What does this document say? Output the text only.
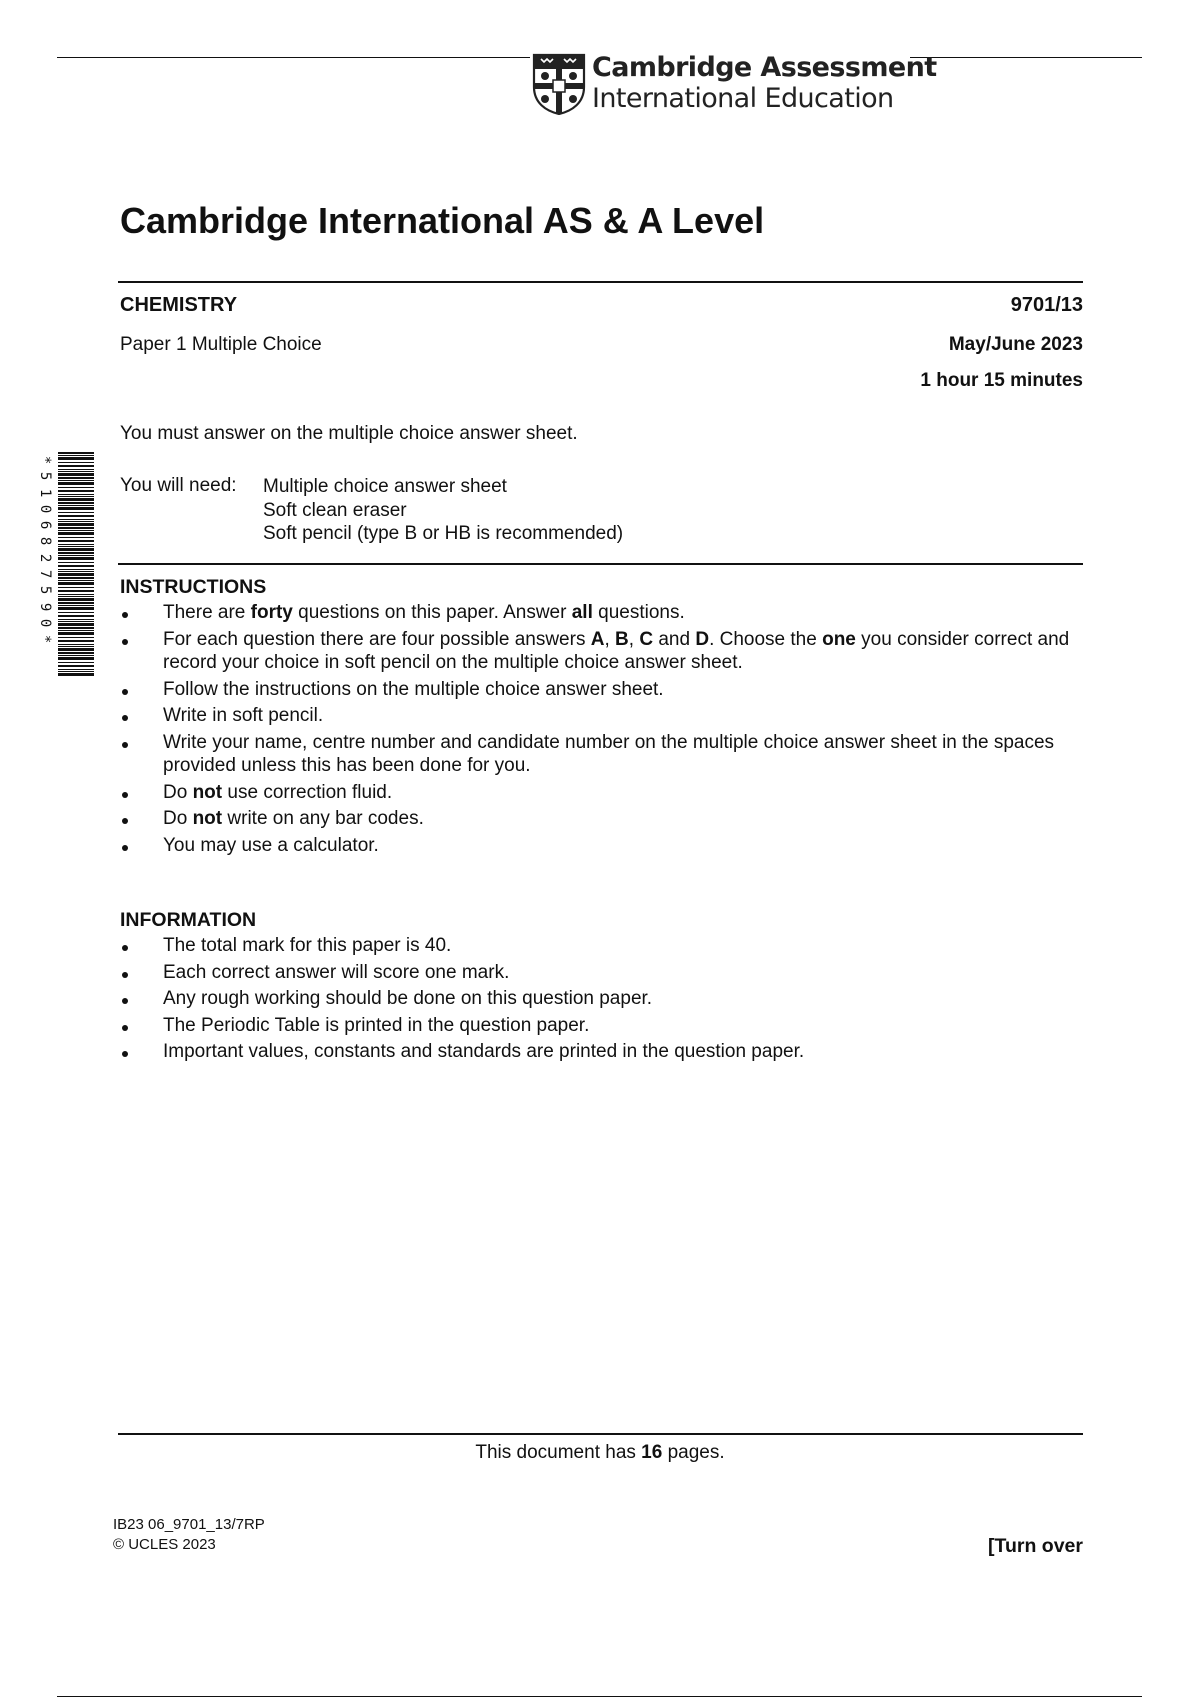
Cambridge Assessment
International Education
*
5
1
0
6
8
2
7
5
9
0
*
Cambridge International AS & A Level
CHEMISTRY	9701/13
Paper 1 Multiple Choice	May/June 2023
1 hour 15 minutes
You must answer on the multiple choice answer sheet.
You will need: Multiple choice answer sheet
Soft clean eraser
Soft pencil (type B or HB is recommended)
INSTRUCTIONS
There are forty questions on this paper. Answer all questions.
For each question there are four possible answers A, B, C and D. Choose the one you consider correct and record your choice in soft pencil on the multiple choice answer sheet.
Follow the instructions on the multiple choice answer sheet.
Write in soft pencil.
Write your name, centre number and candidate number on the multiple choice answer sheet in the spaces provided unless this has been done for you.
Do not use correction fluid.
Do not write on any bar codes.
You may use a calculator.
INFORMATION
The total mark for this paper is 40.
Each correct answer will score one mark.
Any rough working should be done on this question paper.
The Periodic Table is printed in the question paper.
Important values, constants and standards are printed in the question paper.
This document has 16 pages.
IB23 06_9701_13/7RP
© UCLES 2023	[Turn over
